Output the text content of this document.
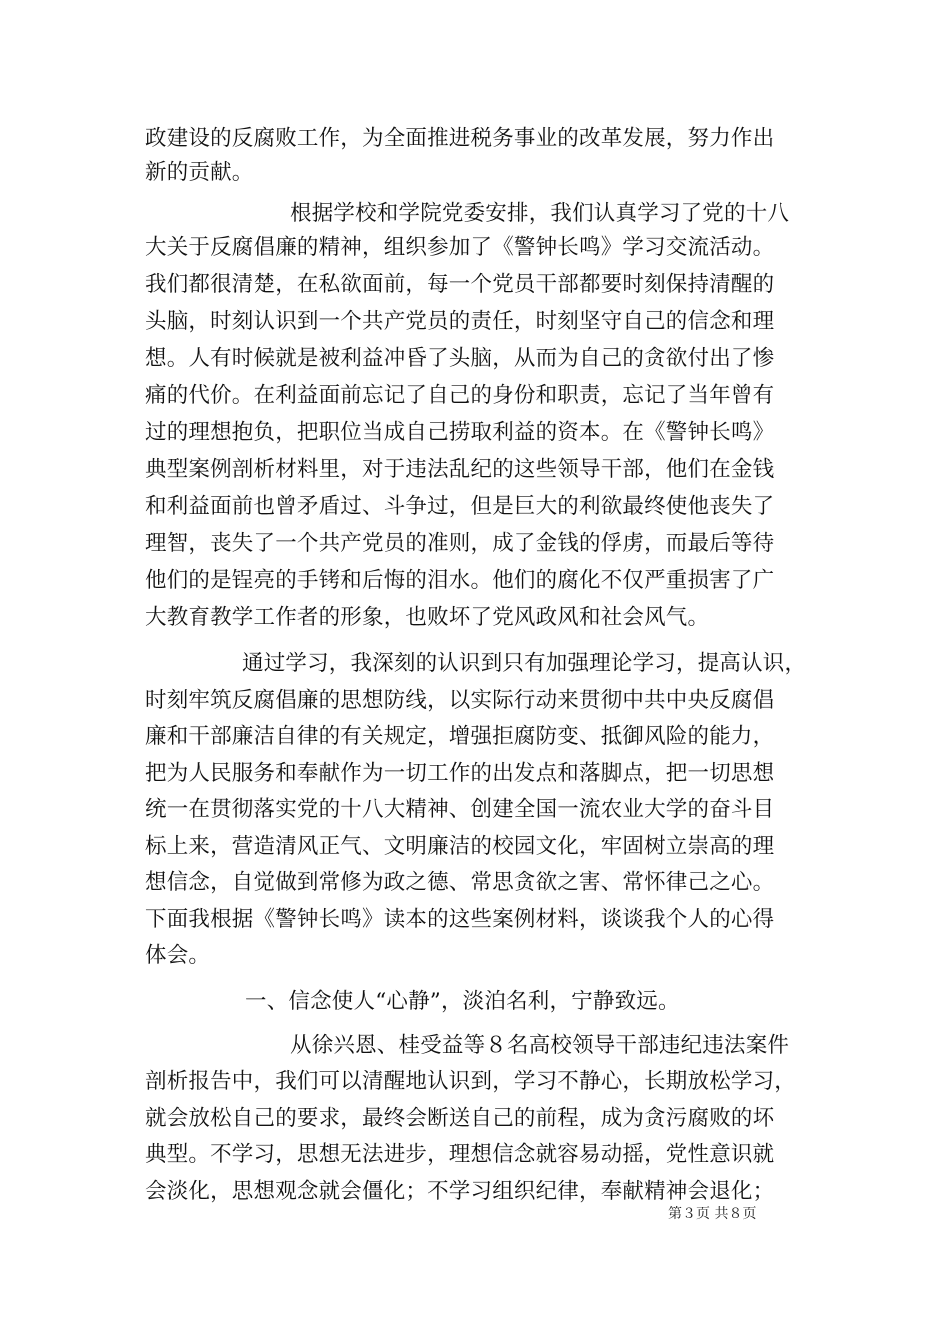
政建设的反腐败工作，为全面推进税务事业的改革发展，努力作出
新的贡献。
根据学校和学院党委安排，我们认真学习了党的十八
大关于反腐倡廉的精神，组织参加了《警钟长鸣》学习交流活动。
我们都很清楚，在私欲面前，每一个党员干部都要时刻保持清醒的
头脑，时刻认识到一个共产党员的责任，时刻坚守自己的信念和理
想。人有时候就是被利益冲昏了头脑，从而为自己的贪欲付出了惨
痛的代价。在利益面前忘记了自己的身份和职责，忘记了当年曾有
过的理想抱负，把职位当成自己捞取利益的资本。在《警钟长鸣》
典型案例剖析材料里，对于违法乱纪的这些领导干部，他们在金钱
和利益面前也曾矛盾过、斗争过，但是巨大的利欲最终使他丧失了
理智，丧失了一个共产党员的准则，成了金钱的俘虏，而最后等待
他们的是锃亮的手铐和后悔的泪水。他们的腐化不仅严重损害了广
大教育教学工作者的形象，也败坏了党风政风和社会风气。
通过学习，我深刻的认识到只有加强理论学习，提高认识，
时刻牢筑反腐倡廉的思想防线，以实际行动来贯彻中共中央反腐倡
廉和干部廉洁自律的有关规定，增强拒腐防变、抵御风险的能力，
把为人民服务和奉献作为一切工作的出发点和落脚点，把一切思想
统一在贯彻落实党的十八大精神、创建全国一流农业大学的奋斗目
标上来，营造清风正气、文明廉洁的校园文化，牢固树立崇高的理
想信念，自觉做到常修为政之德、常思贪欲之害、常怀律己之心。
下面我根据《警钟长鸣》读本的这些案例材料，谈谈我个人的心得
体会。
一、信念使人“心静”，淡泊名利，宁静致远。
从徐兴恩、桂受益等８名高校领导干部违纪违法案件
剖析报告中，我们可以清醒地认识到，学习不静心，长期放松学习，
就会放松自己的要求，最终会断送自己的前程，成为贪污腐败的坏
典型。不学习，思想无法进步，理想信念就容易动摇，党性意识就
会淡化，思想观念就会僵化；不学习组织纪律，奉献精神会退化；
第３页 共８页
